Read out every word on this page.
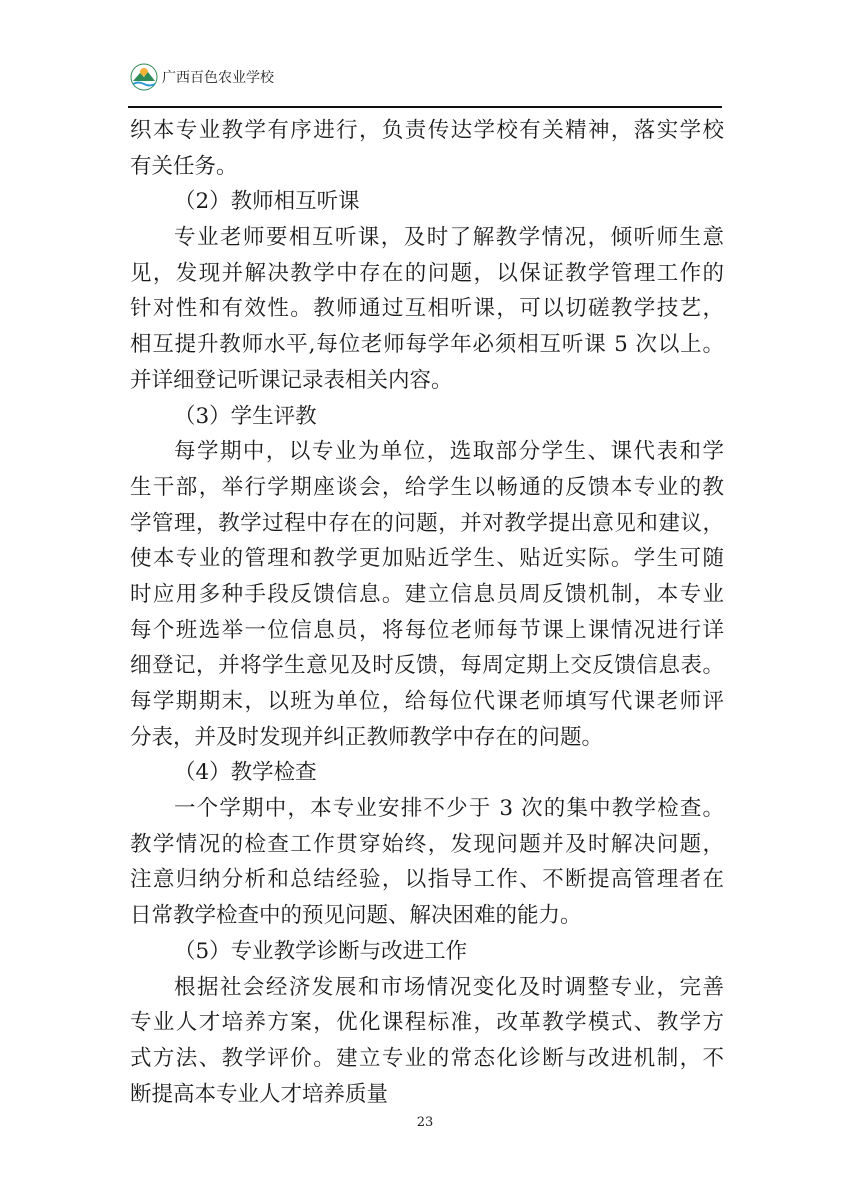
广西百色农业学校
织本专业教学有序进行，负责传达学校有关精神，落实学校
有关任务。
（2）教师相互听课
专业老师要相互听课，及时了解教学情况，倾听师生意
见，发现并解决教学中存在的问题，以保证教学管理工作的
针对性和有效性。教师通过互相听课，可以切磋教学技艺，
相互提升教师水平,每位老师每学年必须相互听课 5 次以上。
并详细登记听课记录表相关内容。
（3）学生评教
每学期中，以专业为单位，选取部分学生、课代表和学
生干部，举行学期座谈会，给学生以畅通的反馈本专业的教
学管理，教学过程中存在的问题，并对教学提出意见和建议，
使本专业的管理和教学更加贴近学生、贴近实际。学生可随
时应用多种手段反馈信息。建立信息员周反馈机制，本专业
每个班选举一位信息员，将每位老师每节课上课情况进行详
细登记，并将学生意见及时反馈，每周定期上交反馈信息表。
每学期期末，以班为单位，给每位代课老师填写代课老师评
分表，并及时发现并纠正教师教学中存在的问题。
（4）教学检查
一个学期中，本专业安排不少于 3 次的集中教学检查。
教学情况的检查工作贯穿始终，发现问题并及时解决问题，
注意归纳分析和总结经验，以指导工作、不断提高管理者在
日常教学检查中的预见问题、解决困难的能力。
（5）专业教学诊断与改进工作
根据社会经济发展和市场情况变化及时调整专业，完善
专业人才培养方案，优化课程标准，改革教学模式、教学方
式方法、教学评价。建立专业的常态化诊断与改进机制，不
断提高本专业人才培养质量
23
